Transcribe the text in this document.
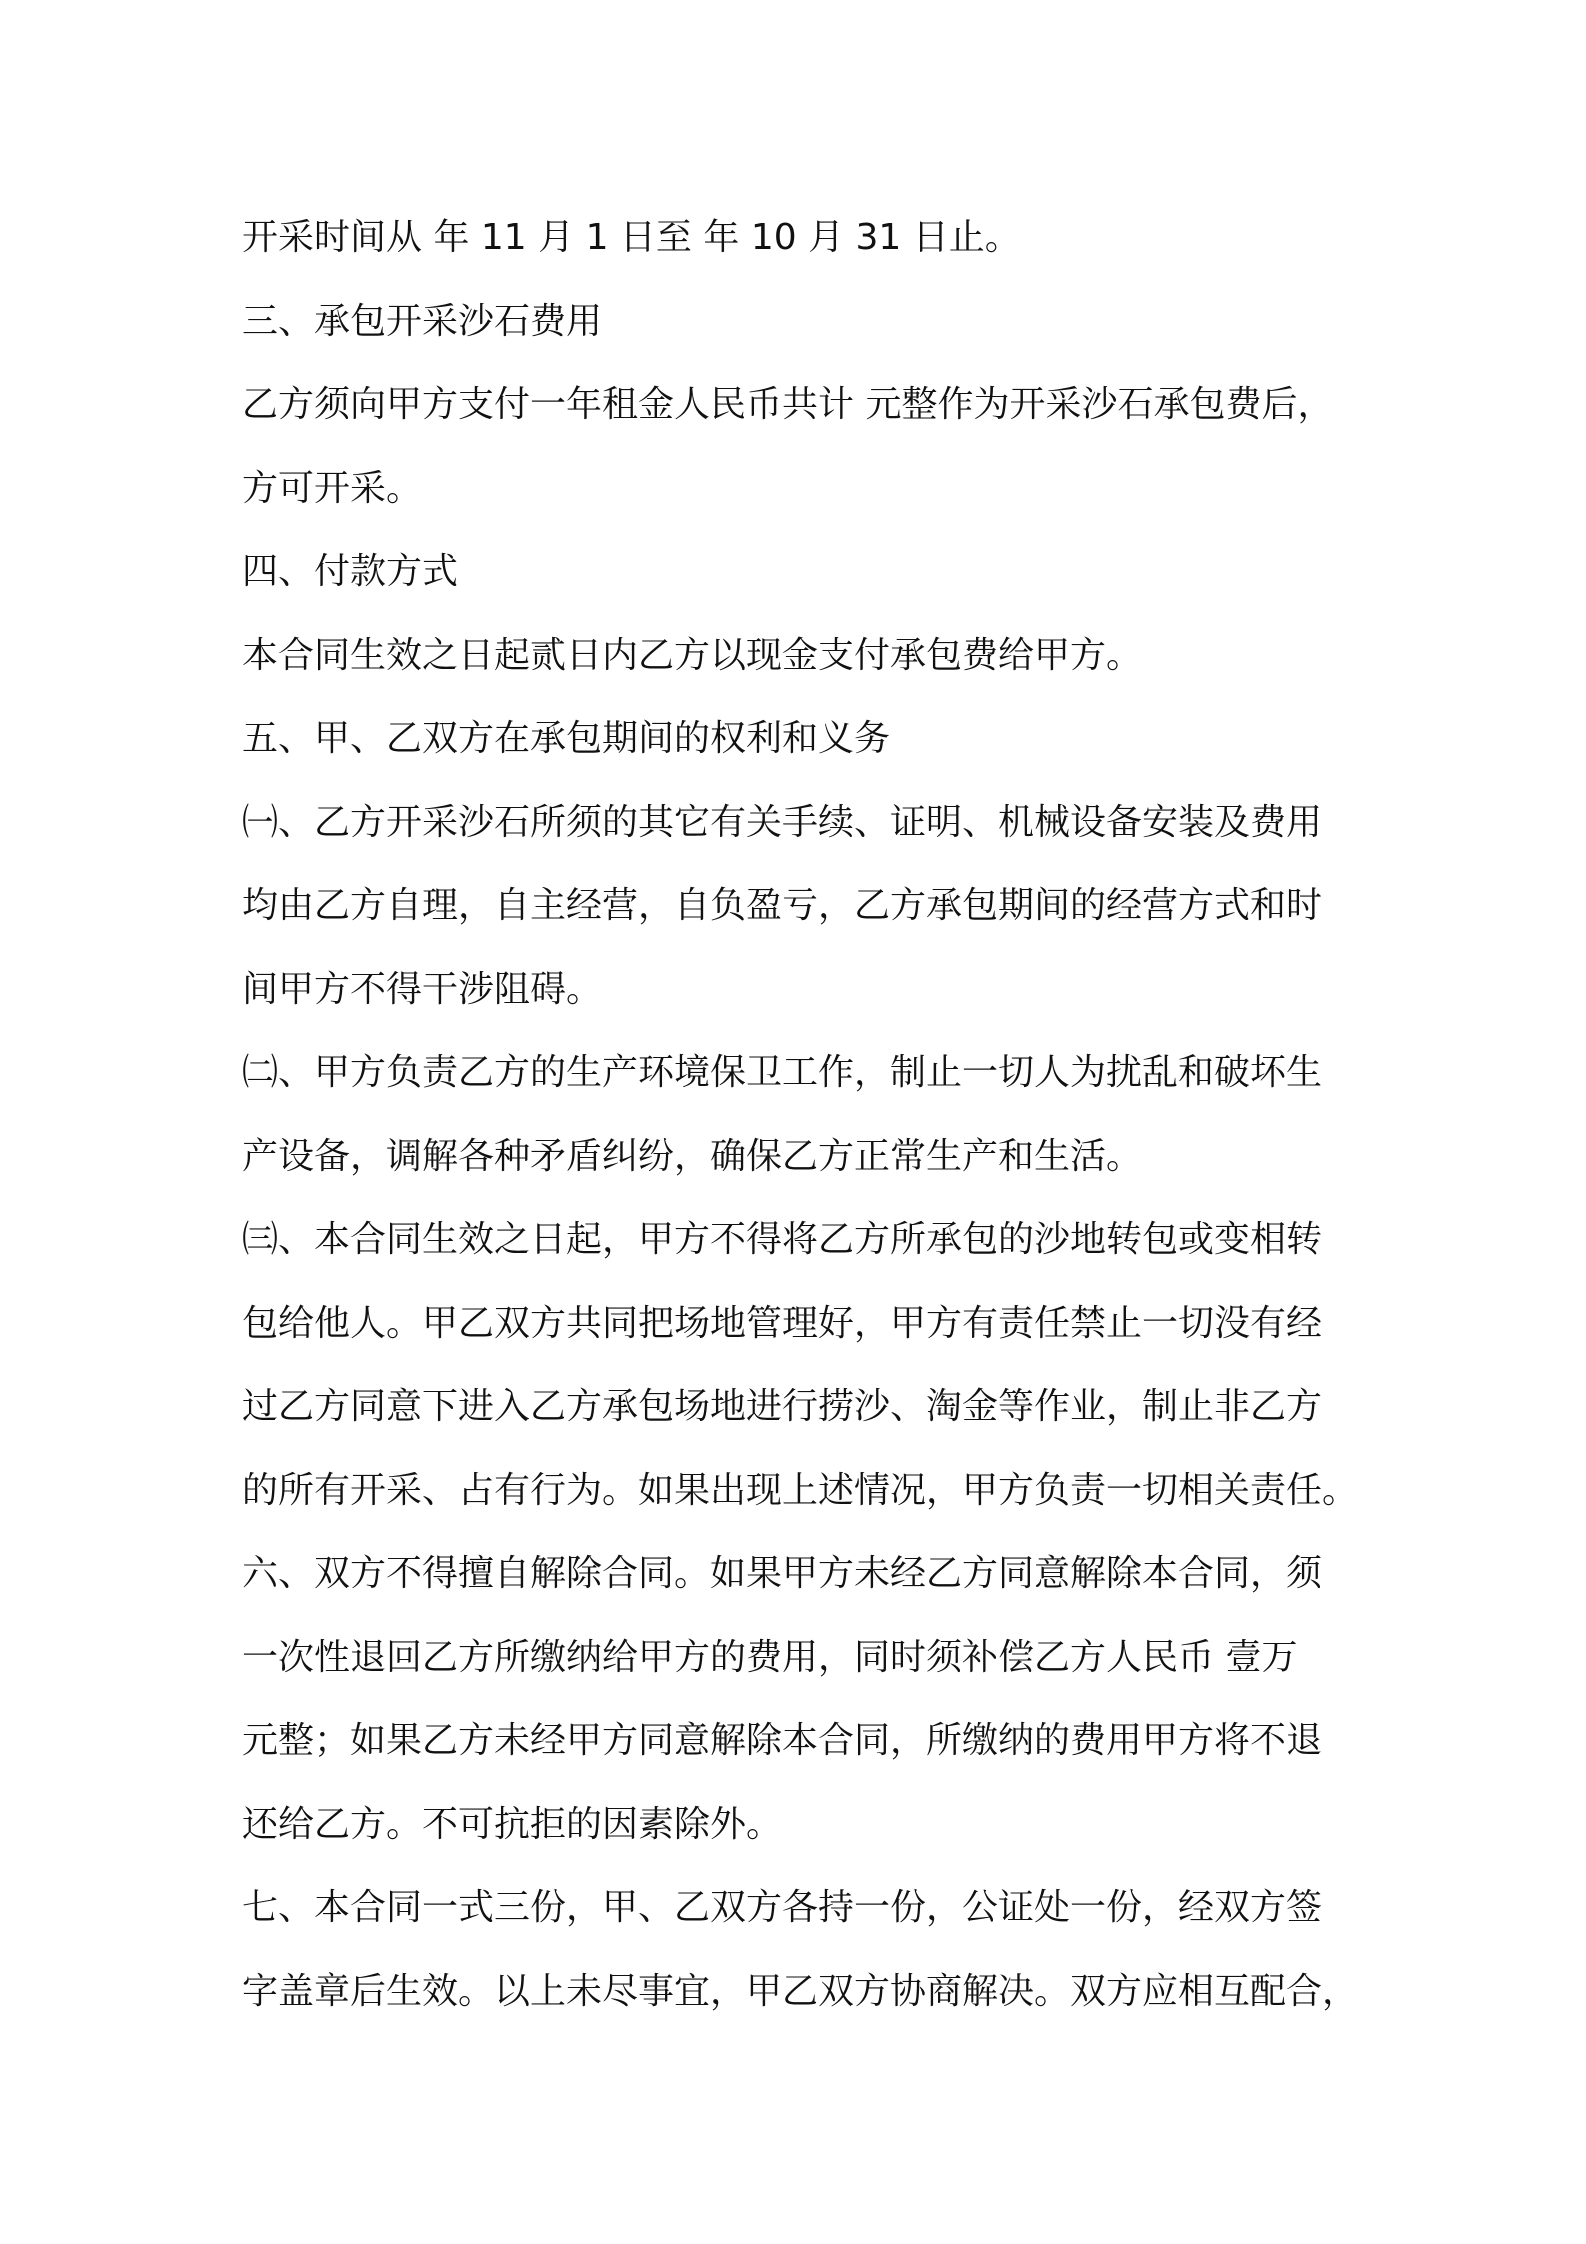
开采时间从 年 11 月 1 日至 年 10 月 31 日止。
三、承包开采沙石费用
乙方须向甲方支付一年租金人民币共计 元整作为开采沙石承包费后，
方可开采。
四、付款方式
本合同生效之日起贰日内乙方以现金支付承包费给甲方。
五、甲、乙双方在承包期间的权利和义务
㈠、乙方开采沙石所须的其它有关手续、证明、机械设备安装及费用
均由乙方自理，自主经营，自负盈亏，乙方承包期间的经营方式和时
间甲方不得干涉阻碍。
㈡、甲方负责乙方的生产环境保卫工作，制止一切人为扰乱和破坏生
产设备，调解各种矛盾纠纷，确保乙方正常生产和生活。
㈢、本合同生效之日起，甲方不得将乙方所承包的沙地转包或变相转
包给他人。甲乙双方共同把场地管理好，甲方有责任禁止一切没有经
过乙方同意下进入乙方承包场地进行捞沙、淘金等作业，制止非乙方
的所有开采、占有行为。如果出现上述情况，甲方负责一切相关责任。
六、双方不得擅自解除合同。如果甲方未经乙方同意解除本合同，须
一次性退回乙方所缴纳给甲方的费用，同时须补偿乙方人民币 壹万
元整；如果乙方未经甲方同意解除本合同，所缴纳的费用甲方将不退
还给乙方。不可抗拒的因素除外。
七、本合同一式三份，甲、乙双方各持一份，公证处一份，经双方签
字盖章后生效。以上未尽事宜，甲乙双方协商解决。双方应相互配合，
